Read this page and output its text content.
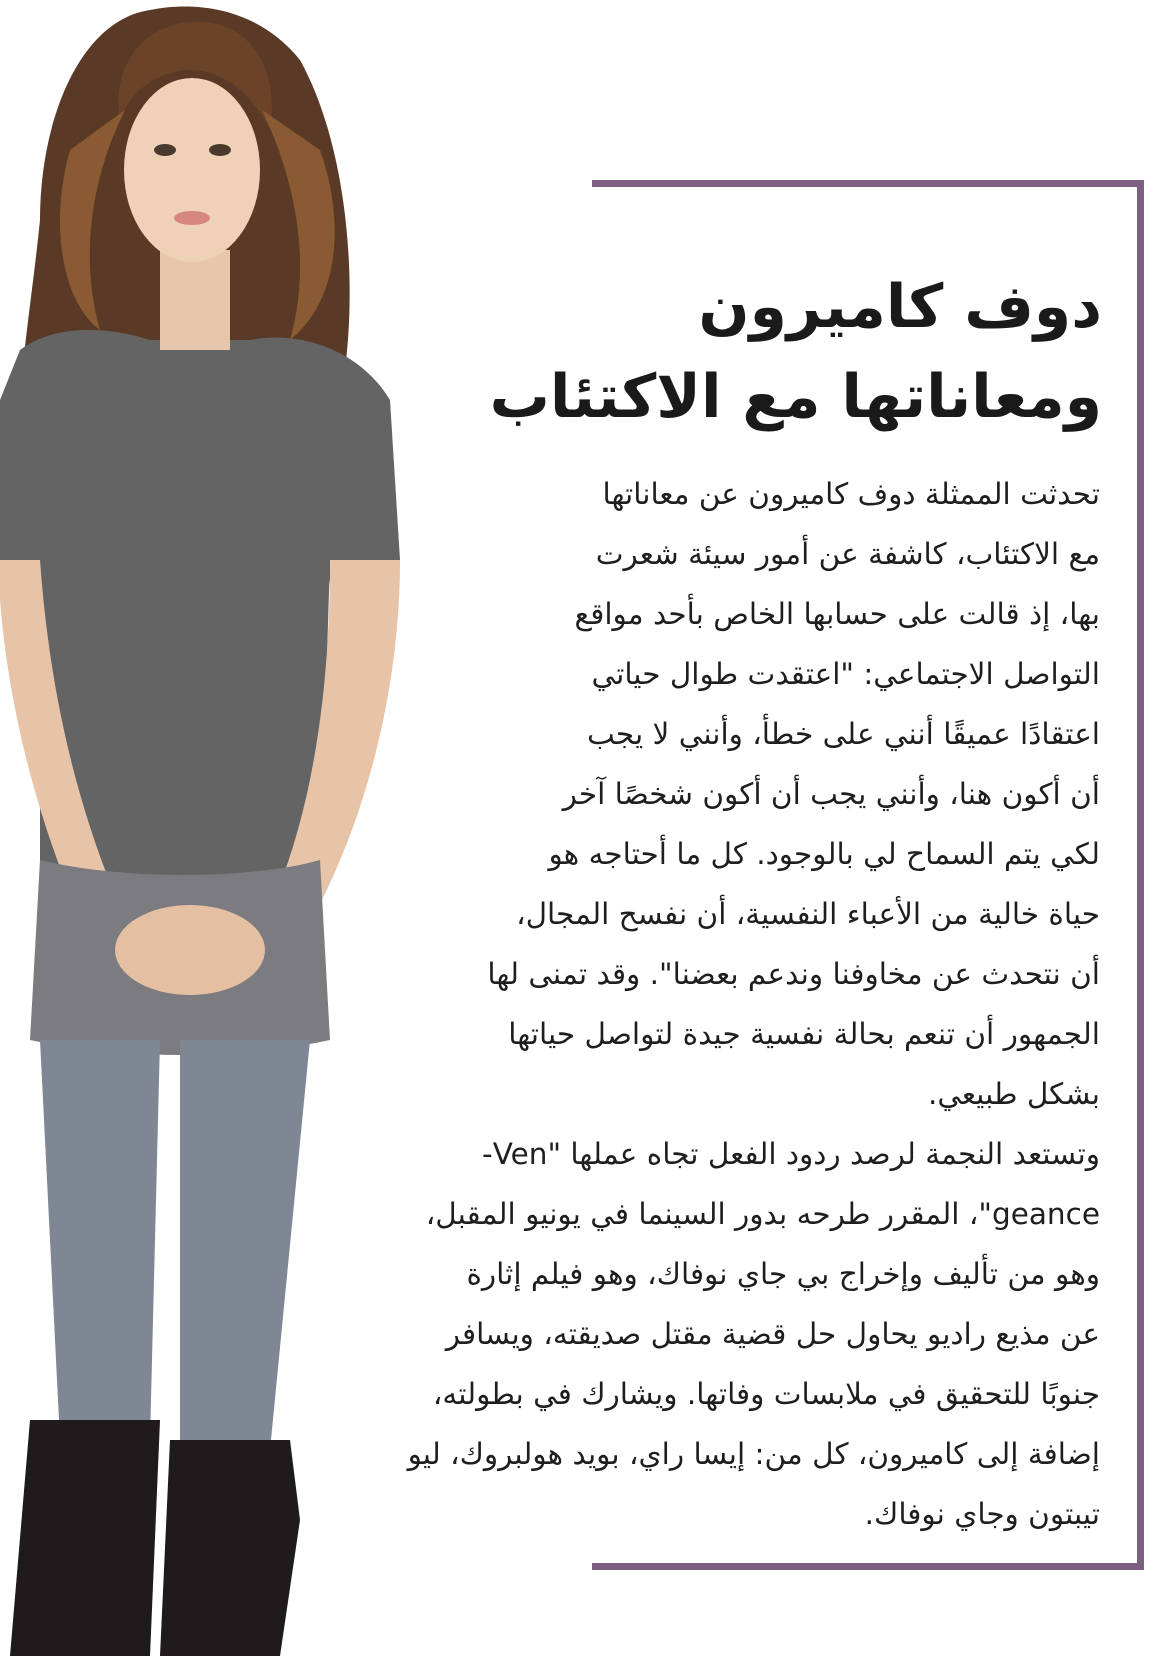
دوف كاميرون
ومعاناتها مع الاكتئاب
تحدثت الممثلة دوف كاميرون عن معاناتها
مع الاكتئاب، كاشفة عن أمور سيئة شعرت
بها، إذ قالت على حسابها الخاص بأحد مواقع
التواصل الاجتماعي: "اعتقدت طوال حياتي
اعتقادًا عميقًا أنني على خطأ، وأنني لا يجب
أن أكون هنا، وأنني يجب أن أكون شخصًا آخر
لكي يتم السماح لي بالوجود. كل ما أحتاجه هو
حياة خالية من الأعباء النفسية، أن نفسح المجال،
أن نتحدث عن مخاوفنا وندعم بعضنا". وقد تمنى لها
الجمهور أن تنعم بحالة نفسية جيدة لتواصل حياتها
بشكل طبيعي.
وتستعد النجمة لرصد ردود الفعل تجاه عملها "Ven-
geance"، المقرر طرحه بدور السينما في يونيو المقبل،
وهو من تأليف وإخراج بي جاي نوفاك، وهو فيلم إثارة
عن مذيع راديو يحاول حل قضية مقتل صديقته، ويسافر
جنوبًا للتحقيق في ملابسات وفاتها. ويشارك في بطولته،
إضافة إلى كاميرون، كل من: إيسا راي، بويد هولبروك، ليو
تيبتون وجاي نوفاك.
